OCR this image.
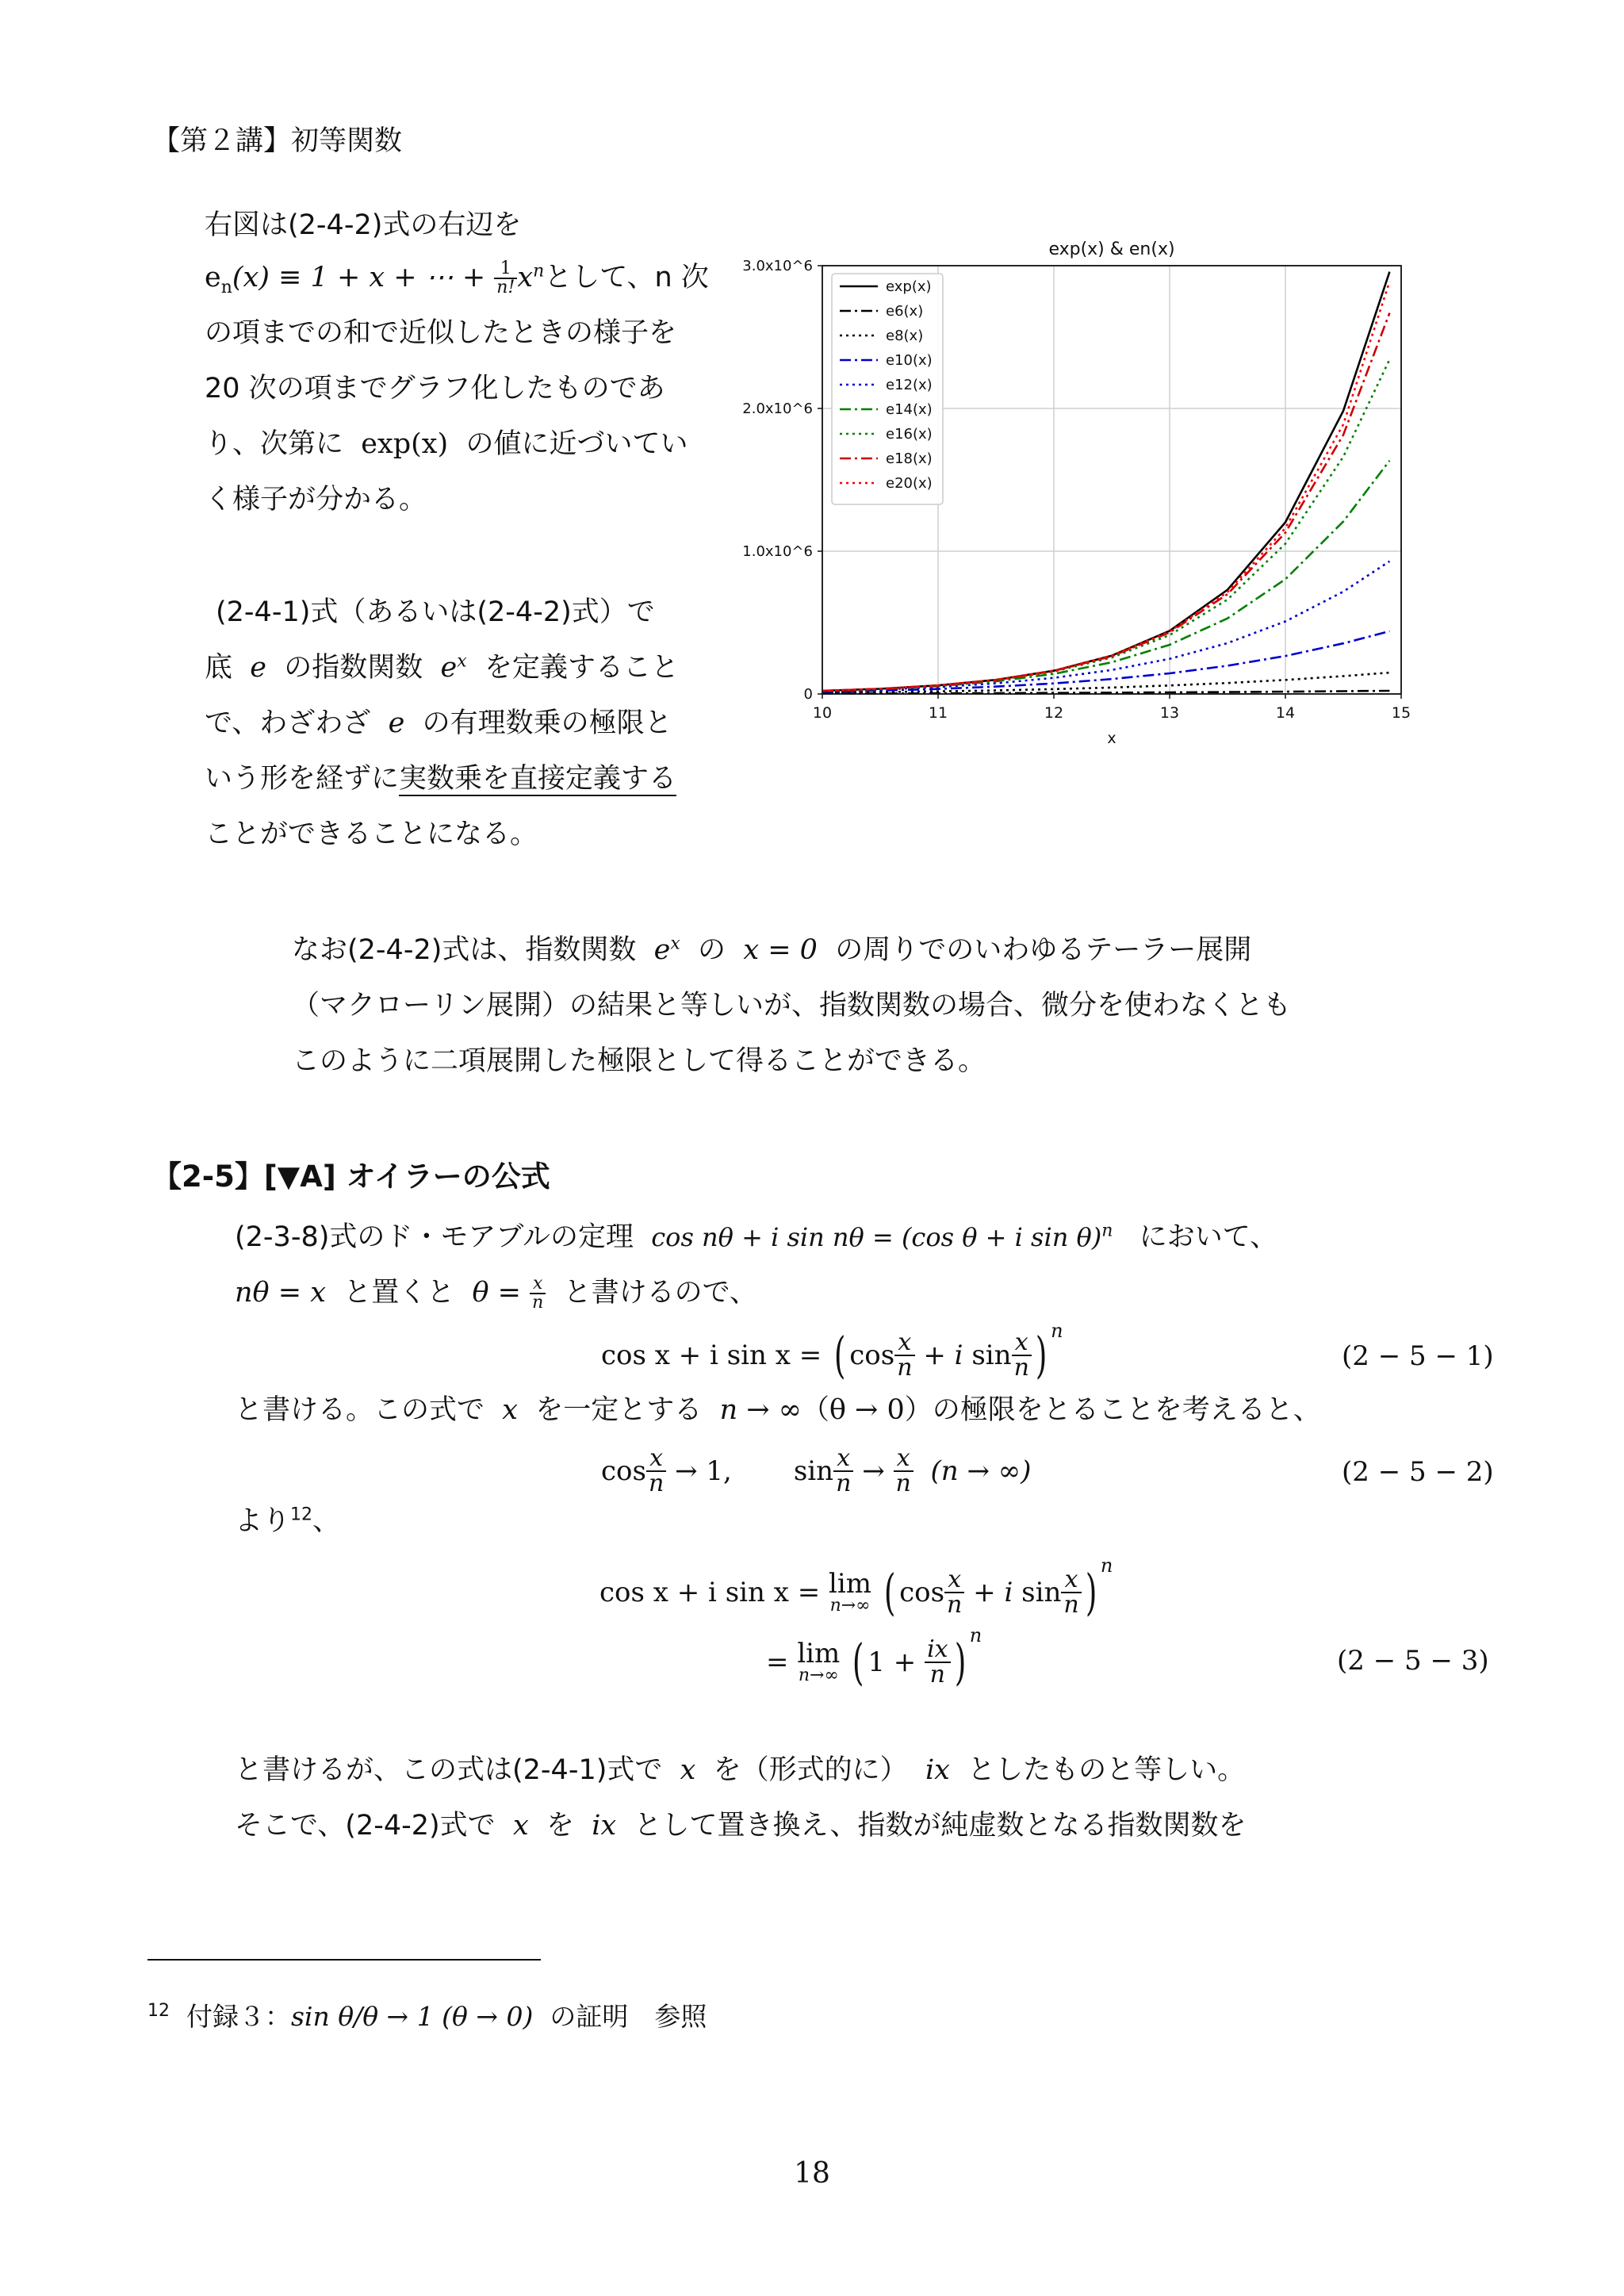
【第２講】初等関数
右図は(2-4-2)式の右辺を
$e_n(x) \equiv 1 + x$ + ⋯ + $\frac{1}{n!} x^n$として、n 次
の項までの和で近似したときの様子を
20 次の項までグラフ化したものであ
り、次第に exp(x) の値に近づいてい
く様子が分かる。
(2-4-1)式（あるいは(2-4-2)式）で
底 e の指数関数 $e^x$ を定義すること
で、わざわざ e の有理数乗の極限と
いう形を経ずに実数乗を直接定義する
ことができることになる。
exp(x) & en(x)
10	11	12	13	14	15
0
1.0x10^6
2.0x10^6
3.0x10^6
x
exp(x)
e6(x)
e8(x)
e10(x)
e12(x)
e14(x)
e16(x)
e18(x)
e20(x)
なお(2-4-2)式は、指数関数 $e^x$ の x = 0 の周りでのいわゆるテーラー展開
（マクローリン展開）の結果と等しいが、指数関数の場合、微分を使わなくとも
このように二項展開した極限として得ることができる。
【2-5】[▼A] オイラーの公式
(2-3-8)式のド・モアブルの定理 cos nθ + i sin nθ = (cos θ + i sin θ)$^n$ において、
nθ = x と置くと $\theta = \frac{x}{n}$ と書けるので、
cos x + i sin x =
( $\cos \frac{x}{n}$
+ i
$\sin \frac{x}{n} )^n$
(2 − 5 − 1)
と書ける。この式で x を一定とする n → ∞（θ → 0）の極限をとることを考えると、
$\cos \frac{x}{n}$
→ 1, $\sin \frac{x}{n}$
→
$\frac{x}{n}$
(n → ∞)	(2 − 5 − 2)
より$^{12}$、
cos x + i sin x =
lim
n→∞
( $\cos \frac{x}{n}$
+ i
$\sin \frac{x}{n} )^n$
=
lim
n→∞
( 1 +
$\frac{ix}{n} )^n$
(2 − 5 − 3)
と書けるが、この式は(2-4-1)式で x を（形式的に） ix としたものと等しい。
そこで、(2-4-2)式で x を ix として置き換え、指数が純虚数となる指数関数を
$^{12}$ 付録３：sin θ/θ → 1 (θ → 0) の証明　参照
18
